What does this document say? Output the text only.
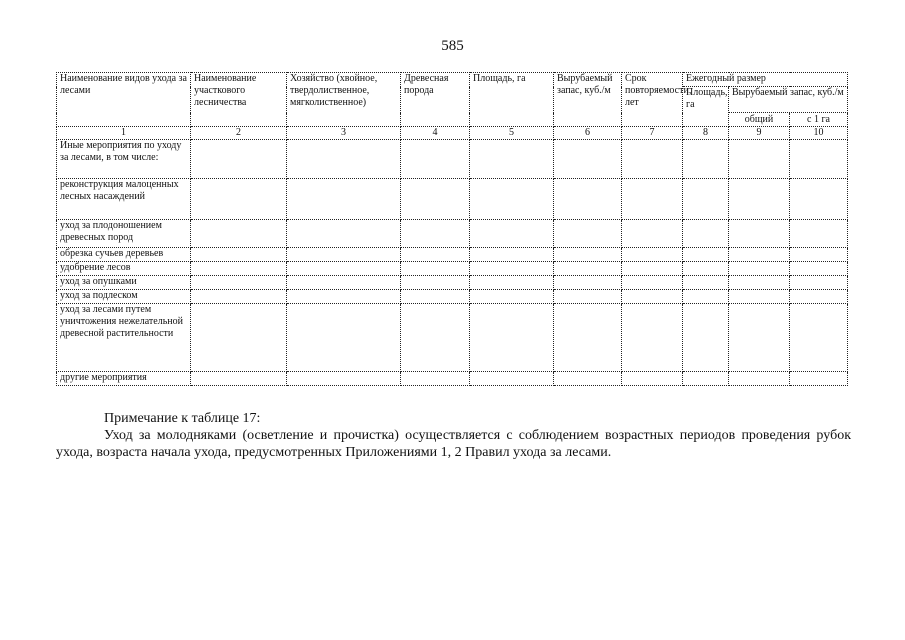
585
Наименование видов ухода за лесами	Наименование участкового лесничества	Хозяйство (хвойное, твердолиственное, мягколиственное)	Древесная порода	Площадь, га	Вырубаемый запас, куб./м	Срок повторяемости, лет	Ежегодный размер		
							Площадь, га	Вырубаемый запас, куб./м	
								общий	с 1 га
1	2	3	4	5	6	7	8	9	10
Иные мероприятия по уходу за лесами, в том числе:									
реконструкция малоценных лесных насаждений									
уход за плодоношением древесных пород									
обрезка сучьев деревьев									
удобрение лесов									
уход за опушками									
уход за подлеском									
уход за лесами путем уничтожения нежелательной древесной растительности									
другие мероприятия									
Примечание к таблице 17:
Уход за молодняками (осветление и прочистка) осуществляется с соблюдением возрастных периодов проведения рубок ухода, возраста начала ухода, предусмотренных Приложениями 1, 2 Правил ухода за лесами.
